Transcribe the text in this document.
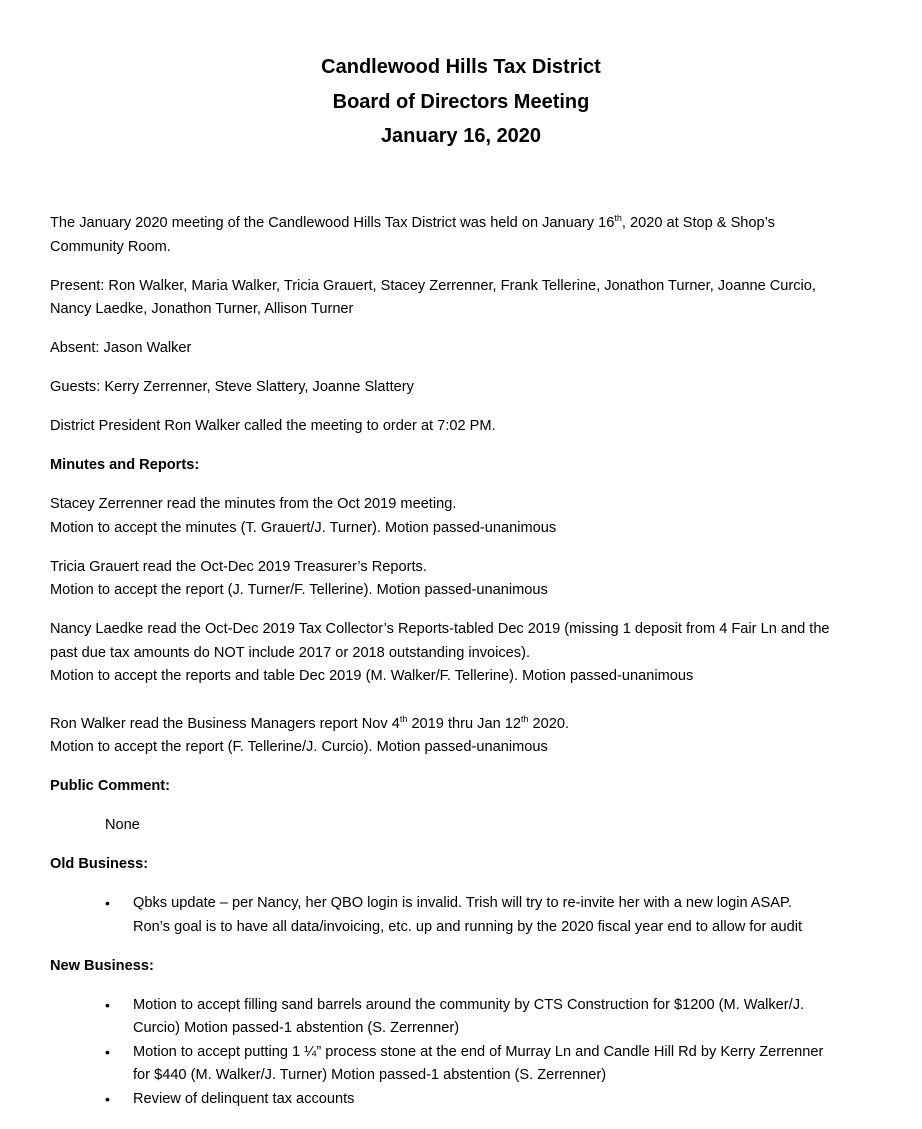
Candlewood Hills Tax District

Board of Directors Meeting

January 16, 2020

The January 2020 meeting of the Candlewood Hills Tax District was held on January 16th, 2020 at Stop & Shop’s
Community Room.
Present: Ron Walker, Maria Walker, Tricia Grauert, Stacey Zerrenner, Frank Tellerine, Jonathon Turner, Joanne Curcio,
Nancy Laedke, Jonathon Turner, Allison Turner
Absent: Jason Walker
Guests: Kerry Zerrenner, Steve Slattery, Joanne Slattery
District President Ron Walker called the meeting to order at 7:02 PM.
Minutes and Reports:
Stacey Zerrenner read the minutes from the Oct 2019 meeting.
Motion to accept the minutes (T. Grauert/J. Turner). Motion passed-unanimous
Tricia Grauert read the Oct-Dec 2019 Treasurer’s Reports.
Motion to accept the report (J. Turner/F. Tellerine). Motion passed-unanimous
Nancy Laedke read the Oct-Dec 2019 Tax Collector’s Reports-tabled Dec 2019 (missing 1 deposit from 4 Fair Ln and the
past due tax amounts do NOT include 2017 or 2018 outstanding invoices).
Motion to accept the reports and table Dec 2019 (M. Walker/F. Tellerine). Motion passed-unanimous
Ron Walker read the Business Managers report Nov 4th 2019 thru Jan 12th 2020.
Motion to accept the report (F. Tellerine/J. Curcio). Motion passed-unanimous
Public Comment:
None
Old Business:
• Qbks update – per Nancy, her QBO login is invalid. Trish will try to re-invite her with a new login ASAP.
Ron’s goal is to have all data/invoicing, etc. up and running by the 2020 fiscal year end to allow for audit
New Business:
• Motion to accept filling sand barrels around the community by CTS Construction for $1200 (M. Walker/J.
Curcio) Motion passed-1 abstention (S. Zerrenner)
• Motion to accept putting 1 ¼” process stone at the end of Murray Ln and Candle Hill Rd by Kerry Zerrenner
for $440 (M. Walker/J. Turner) Motion passed-1 abstention (S. Zerrenner)
• Review of delinquent tax accounts
